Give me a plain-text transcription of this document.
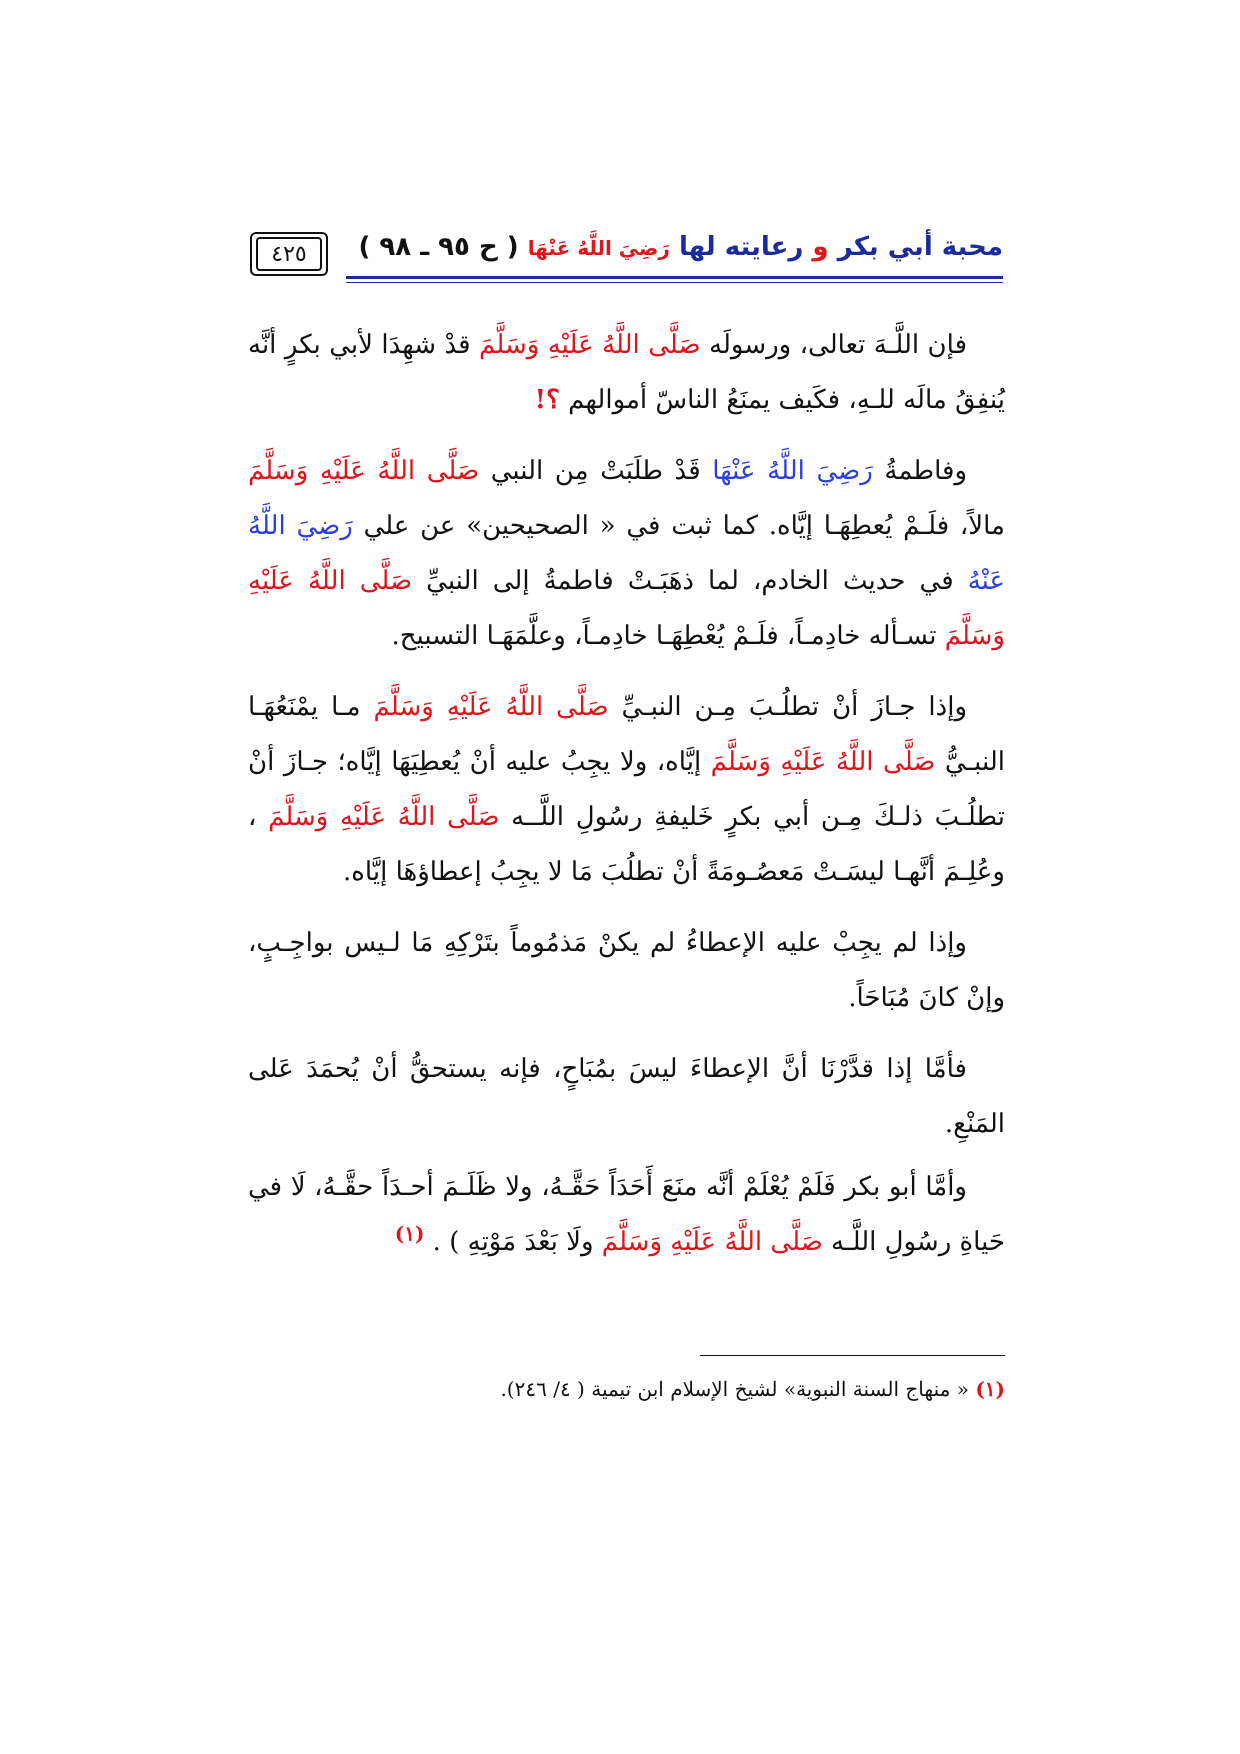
محبة أبي بكر و رعايته لها رَضِيَ اللَّهُ عَنْهَا ( ح ٩٥ ـ ٩٨ )
٤٢٥

فإن اللَّـهَ تعالى، ورسولَه صَلَّى اللَّهُ عَلَيْهِ وَسَلَّمَ قدْ شهِدَا لأبي بكرٍ أنَّه يُنفِقُ مالَه للـهِ، فكَيف يمنَعُ الناسّ أموالهم ؟!

وفاطمةُ رَضِيَ اللَّهُ عَنْهَا قَدْ طلَبَتْ مِن النبي صَلَّى اللَّهُ عَلَيْهِ وَسَلَّمَ مالاً، فلَـمْ يُعطِهَـا إيَّاه. كما ثبت في « الصحيحين» عن علي رَضِيَ اللَّهُ عَنْهُ في حديث الخادم، لما ذهَبَـتْ فاطمةُ إلى النبيِّ صَلَّى اللَّهُ عَلَيْهِ وَسَلَّمَ تسـأله خادِمـاً، فلَـمْ يُعْطِهَـا خادِمـاً، وعلَّمَهَـا التسبيح.

وإذا جـازَ أنْ تطلُـبَ مِـن النبـيِّ صَلَّى اللَّهُ عَلَيْهِ وَسَلَّمَ مـا يمْنَعُهَـا النبـيُّ صَلَّى اللَّهُ عَلَيْهِ وَسَلَّمَ إيَّاه، ولا يجِبُ عليه أنْ يُعطِيَهَا إيَّاه؛ جـازَ أنْ تطلُـبَ ذلـكَ مِـن أبي بكرٍ خَليفةِ رسُولِ اللَّــه صَلَّى اللَّهُ عَلَيْهِ وَسَلَّمَ ، وعُلِـمَ أنَّهـا ليسَـتْ مَعصُـومَةً أنْ تطلُبَ مَا لا يجِبُ إعطاؤهَا إيَّاه.

وإذا لم يجِبْ عليه الإعطاءُ لم يكنْ مَذمُوماً بتَرْكِهِ مَا لـيس بواجِـبٍ، وإنْ كانَ مُبَاحَاً.

فأمَّا إذا قدَّرْنَا أنَّ الإعطاءَ ليسَ بمُبَاحٍ، فإنه يستحقُّ أنْ يُحمَدَ عَلى المَنْعِ.

وأمَّا أبو بكر فَلَمْ يُعْلَمْ أنَّه منَعَ أَحَدَاً حَقَّـهُ، ولا ظَلَـمَ أحـدَاً حقَّـهُ، لَا في حَياةِ رسُولِ اللَّـه صَلَّى اللَّهُ عَلَيْهِ وَسَلَّمَ ولَا بَعْدَ مَوْتِهِ ) . $^{(١)}$

(١) « منهاج السنة النبوية» لشيخ الإسلام ابن تيمية ( ٤/ ٢٤٦).
